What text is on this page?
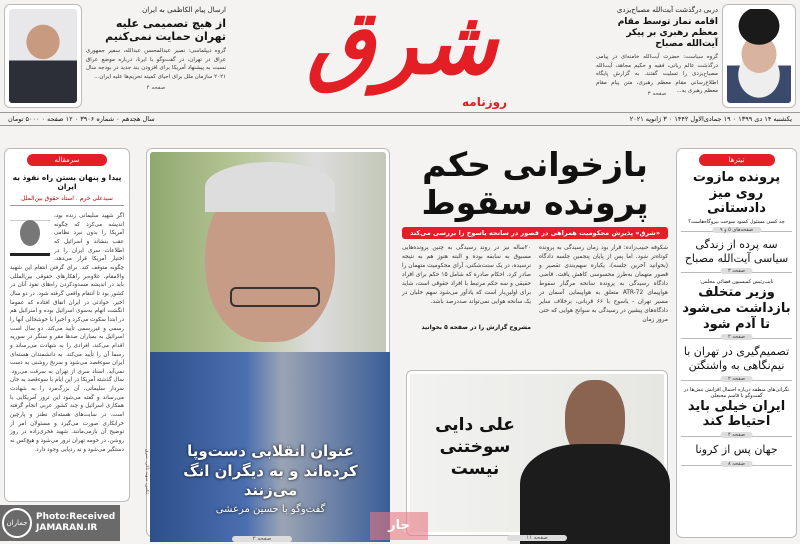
ارسال پیام الکاظمی به ایران
از هیچ تصمیمی علیه تهران حمایت نمی‌کنیم
گروه دیپلماسی: نصیر عبدالمحسن عبدالله، سفیر جمهوری عراق در تهران، در گفت‌وگو با ایرنا، درباره موضع عراق نسبت به پیشنهاد آمریکا برای افزودن بند جدید در بودجه سال ۲۰۲۱ سازمان ملل برای احیای کمیته تحریم‌ها علیه ایران...
صفحه ۴	شرق
روزنامه
دربی درگذشت آیت‌الله مصباح‌یزدی
اقامه نماز توسط مقام معظم رهبری بر پیکر آیت‌الله مصباح
گروه سیاست: حضرت آیت‌الله خامنه‌ای در پیامی درگذشت عالم ربانی، فقیه و حکیم مجاهد، آیت‌الله مصباح‌یزدی را تسلیت گفتند. به گزارش پایگاه اطلاع‌رسانی مقام معظم رهبری، متن پیام مقام معظم رهبری به...
صفحه ۳
یکشنبه ۱۴ دی ۱۳۹۹ ۰ ۱۹ جمادی‌الاول ۱۴۴۲ ۰ ۳ ژانویه ۲۰۲۱
سال هجدهم ۰ شماره ۳۹۰۶ ۰ ۱۲ صفحه ۰ ۵۰۰۰ تومان
سرمقاله
پیدا و پنهان بستن راه نفوذ به ایران
سیدعلی خرم . استاد حقوق بین‌الملل
اگر شهید سلیمانی زنده بود، اندیشه می‌کرد که چگونه آمریکا را بدون نبرد نظامی عقب بنشاند و اسرائیل که اطلاعات سری ایران را در اختیار آمریکا قرار می‌دهد، چگونه متوقف کند. برای گرفتن انتقام این شهید والامقام، علاوه‌بر راهکارهای حقوقی بین‌المللی باید در اندیشه مسدودکردن راه‌های نفوذ آنان در کشور بود تا انتقام واقعی گرفته شود. در دو سال اخیر، حوادثی در ایران اتفاق افتاده که عموما انگشت اتهام به‌سوی اسرائیل بوده و اسرائیل هم در ابتدا سکوت می‌کرد و اخیرا با خوشحالی آنها را رسمی و غیررسمی تأیید می‌کند. دو سال است اسرائیل به بمباران صدها مقر و سنگر در سوریه اقدام می‌کند، افرادی را به شهادت می‌رساند و رسما آن را تأیید می‌کند. به دانشمندان هسته‌ای ایران سوءقصد می‌شود و سرنخ روشنی به دست نمی‌آید. اسناد سری از تهران به سرقت می‌رود. سال گذشته آمریکا در این ایام با سوءقصد به جان سردار سلیمانی، آن بزرگ‌مرد را به شهادت می‌رساند و گفته می‌شود این ترور آمریکایی با همکاری اسرائیل و چند کشور عربی انجام گرفته است. در سایت‌های هسته‌ای نطنز و پارچین خرابکاری صورت می‌گیرد و مسئولان امر از توضیح آن بازمی‌مانند. شهید فخری‌زاده در روز روشن، در حومه تهران ترور می‌شود و هیچ‌کس نه دستگیر می‌شود و نه ردپایی وجود دارد.	عنوان انقلابی دست‌وپا کرده‌اند و به دیگران انگ می‌زنند
گفت‌وگو با حسین مرعشی
عکس: سهند تاکی، شرق
صفحه ۲
بازخوانی حکم پرونده سقوط
«شرق» پذیرش محکومیت همراهی در قصور در سانحه یاسوج را بررسی می‌کند
شکوفه حبیب‌زاده: قرار بود زمان رسیدگی به پرونده کوتاه‌تر شود. اما پس از پایان پنجمین جلسه دادگاه (بخوانید آخرین جلسه)، یکباره سهم‌بندی تقصیر و قصور متهمان به‌طرز محسوسی کاهش یافت. قاضی دادگاه رسیدگی به پرونده سانحه مرگبار سقوط هواپیمای ATR-72 متعلق به هواپیمایی آسمان در مسیر تهران - یاسوج با ۶۶ قربانی، برخلاف سایر دادگاه‌های پیشین در رسیدگی به سوانح هوایی که حتی مرور زمان
۲۰ساله نیز در روند رسیدگی به چنین پرونده‌هایی مسبوق به سابقه بوده و البته هنوز هم به نتیجه نرسیده، در یک سنت‌شکنی، آرای محکومیت متهمان را صادر کرد. احکام صادره که شامل ۱۵ حکم برای افراد حقیقی و سه حکم مرتبط با افراد حقوقی است، شاید برای اولین‌بار است که یادآور می‌شود سهم خلبان در یک سانحه هوایی نمی‌تواند صددرصد باشد.
مشروح گزارش را در صفحه ۵ بخوانید
علی دایی سوختنی نیست
صفحه ۱۱
جار
تیترها
پرونده مازوت روی میز دادستانی
چه کسی مسئول کمبود سوخت نیروگاه‌هاست؟
صفحه‌های ۵ و ۹
سه پرده از زندگی سیاسی آیت‌الله مصباح
صفحه ۳
نایب‌رئیس کمیسیون قضائی مجلس:
وزیر متخلف بازداشت می‌شود تا آدم شود
صفحه ۲
تصمیم‌گیری در تهران با نیم‌نگاهی به واشنگتن
صفحه ۲
نگرانی‌های منطقه درباره احتمال افزایش تنش‌ها در گفت‌وگو با قاسم محبعلی
ایران خیلی باید احتیاط کند
صفحه ۴
جهان پس از کرونا
صفحه ۸
جماران
Photo:Received
JAMARAN.IR
